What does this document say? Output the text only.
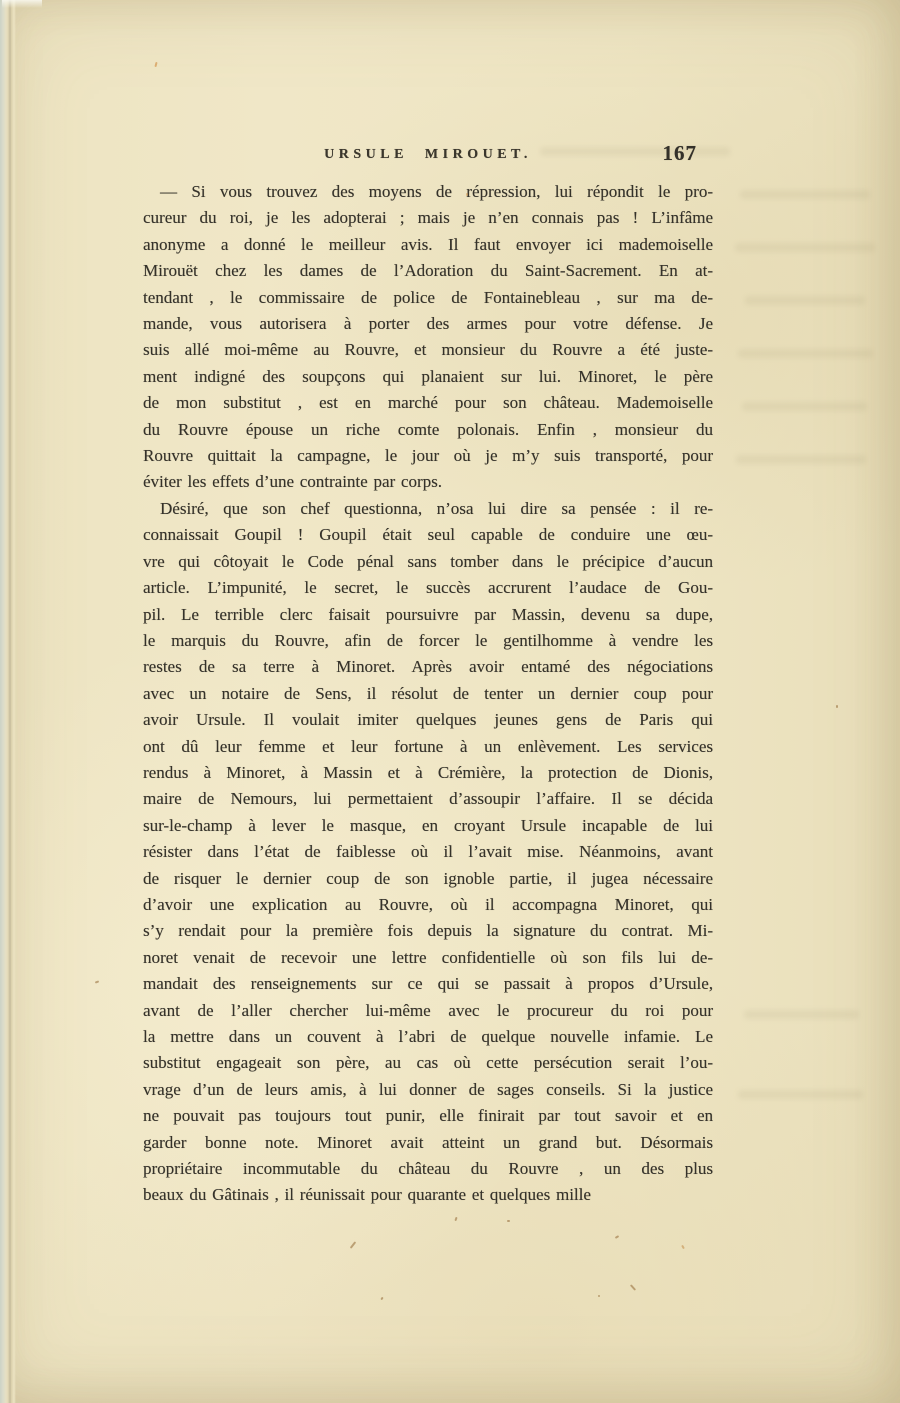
URSULE MIROUET.	167
— Si vous trouvez des moyens de répression, lui répondit le pro-
cureur du roi, je les adopterai ; mais je n’en connais pas ! L’infâme
anonyme a donné le meilleur avis. Il faut envoyer ici mademoiselle
Mirouët chez les dames de l’Adoration du Saint-Sacrement. En at-
tendant , le commissaire de police de Fontainebleau , sur ma de-
mande, vous autorisera à porter des armes pour votre défense. Je
suis allé moi-même au Rouvre, et monsieur du Rouvre a été juste-
ment indigné des soupçons qui planaient sur lui. Minoret, le père
de mon substitut , est en marché pour son château. Mademoiselle
du Rouvre épouse un riche comte polonais. Enfin , monsieur du
Rouvre quittait la campagne, le jour où je m’y suis transporté, pour
éviter les effets d’une contrainte par corps.
Désiré, que son chef questionna, n’osa lui dire sa pensée : il re-
connaissait Goupil ! Goupil était seul capable de conduire une œu-
vre qui côtoyait le Code pénal sans tomber dans le précipice d’aucun
article. L’impunité, le secret, le succès accrurent l’audace de Gou-
pil. Le terrible clerc faisait poursuivre par Massin, devenu sa dupe,
le marquis du Rouvre, afin de forcer le gentilhomme à vendre les
restes de sa terre à Minoret. Après avoir entamé des négociations
avec un notaire de Sens, il résolut de tenter un dernier coup pour
avoir Ursule. Il voulait imiter quelques jeunes gens de Paris qui
ont dû leur femme et leur fortune à un enlèvement. Les services
rendus à Minoret, à Massin et à Crémière, la protection de Dionis,
maire de Nemours, lui permettaient d’assoupir l’affaire. Il se décida
sur-le-champ à lever le masque, en croyant Ursule incapable de lui
résister dans l’état de faiblesse où il l’avait mise. Néanmoins, avant
de risquer le dernier coup de son ignoble partie, il jugea nécessaire
d’avoir une explication au Rouvre, où il accompagna Minoret, qui
s’y rendait pour la première fois depuis la signature du contrat. Mi-
noret venait de recevoir une lettre confidentielle où son fils lui de-
mandait des renseignements sur ce qui se passait à propos d’Ursule,
avant de l’aller chercher lui-même avec le procureur du roi pour
la mettre dans un couvent à l’abri de quelque nouvelle infamie. Le
substitut engageait son père, au cas où cette persécution serait l’ou-
vrage d’un de leurs amis, à lui donner de sages conseils. Si la justice
ne pouvait pas toujours tout punir, elle finirait par tout savoir et en
garder bonne note. Minoret avait atteint un grand but. Désormais
propriétaire incommutable du château du Rouvre , un des plus
beaux du Gâtinais , il réunissait pour quarante et quelques mille
